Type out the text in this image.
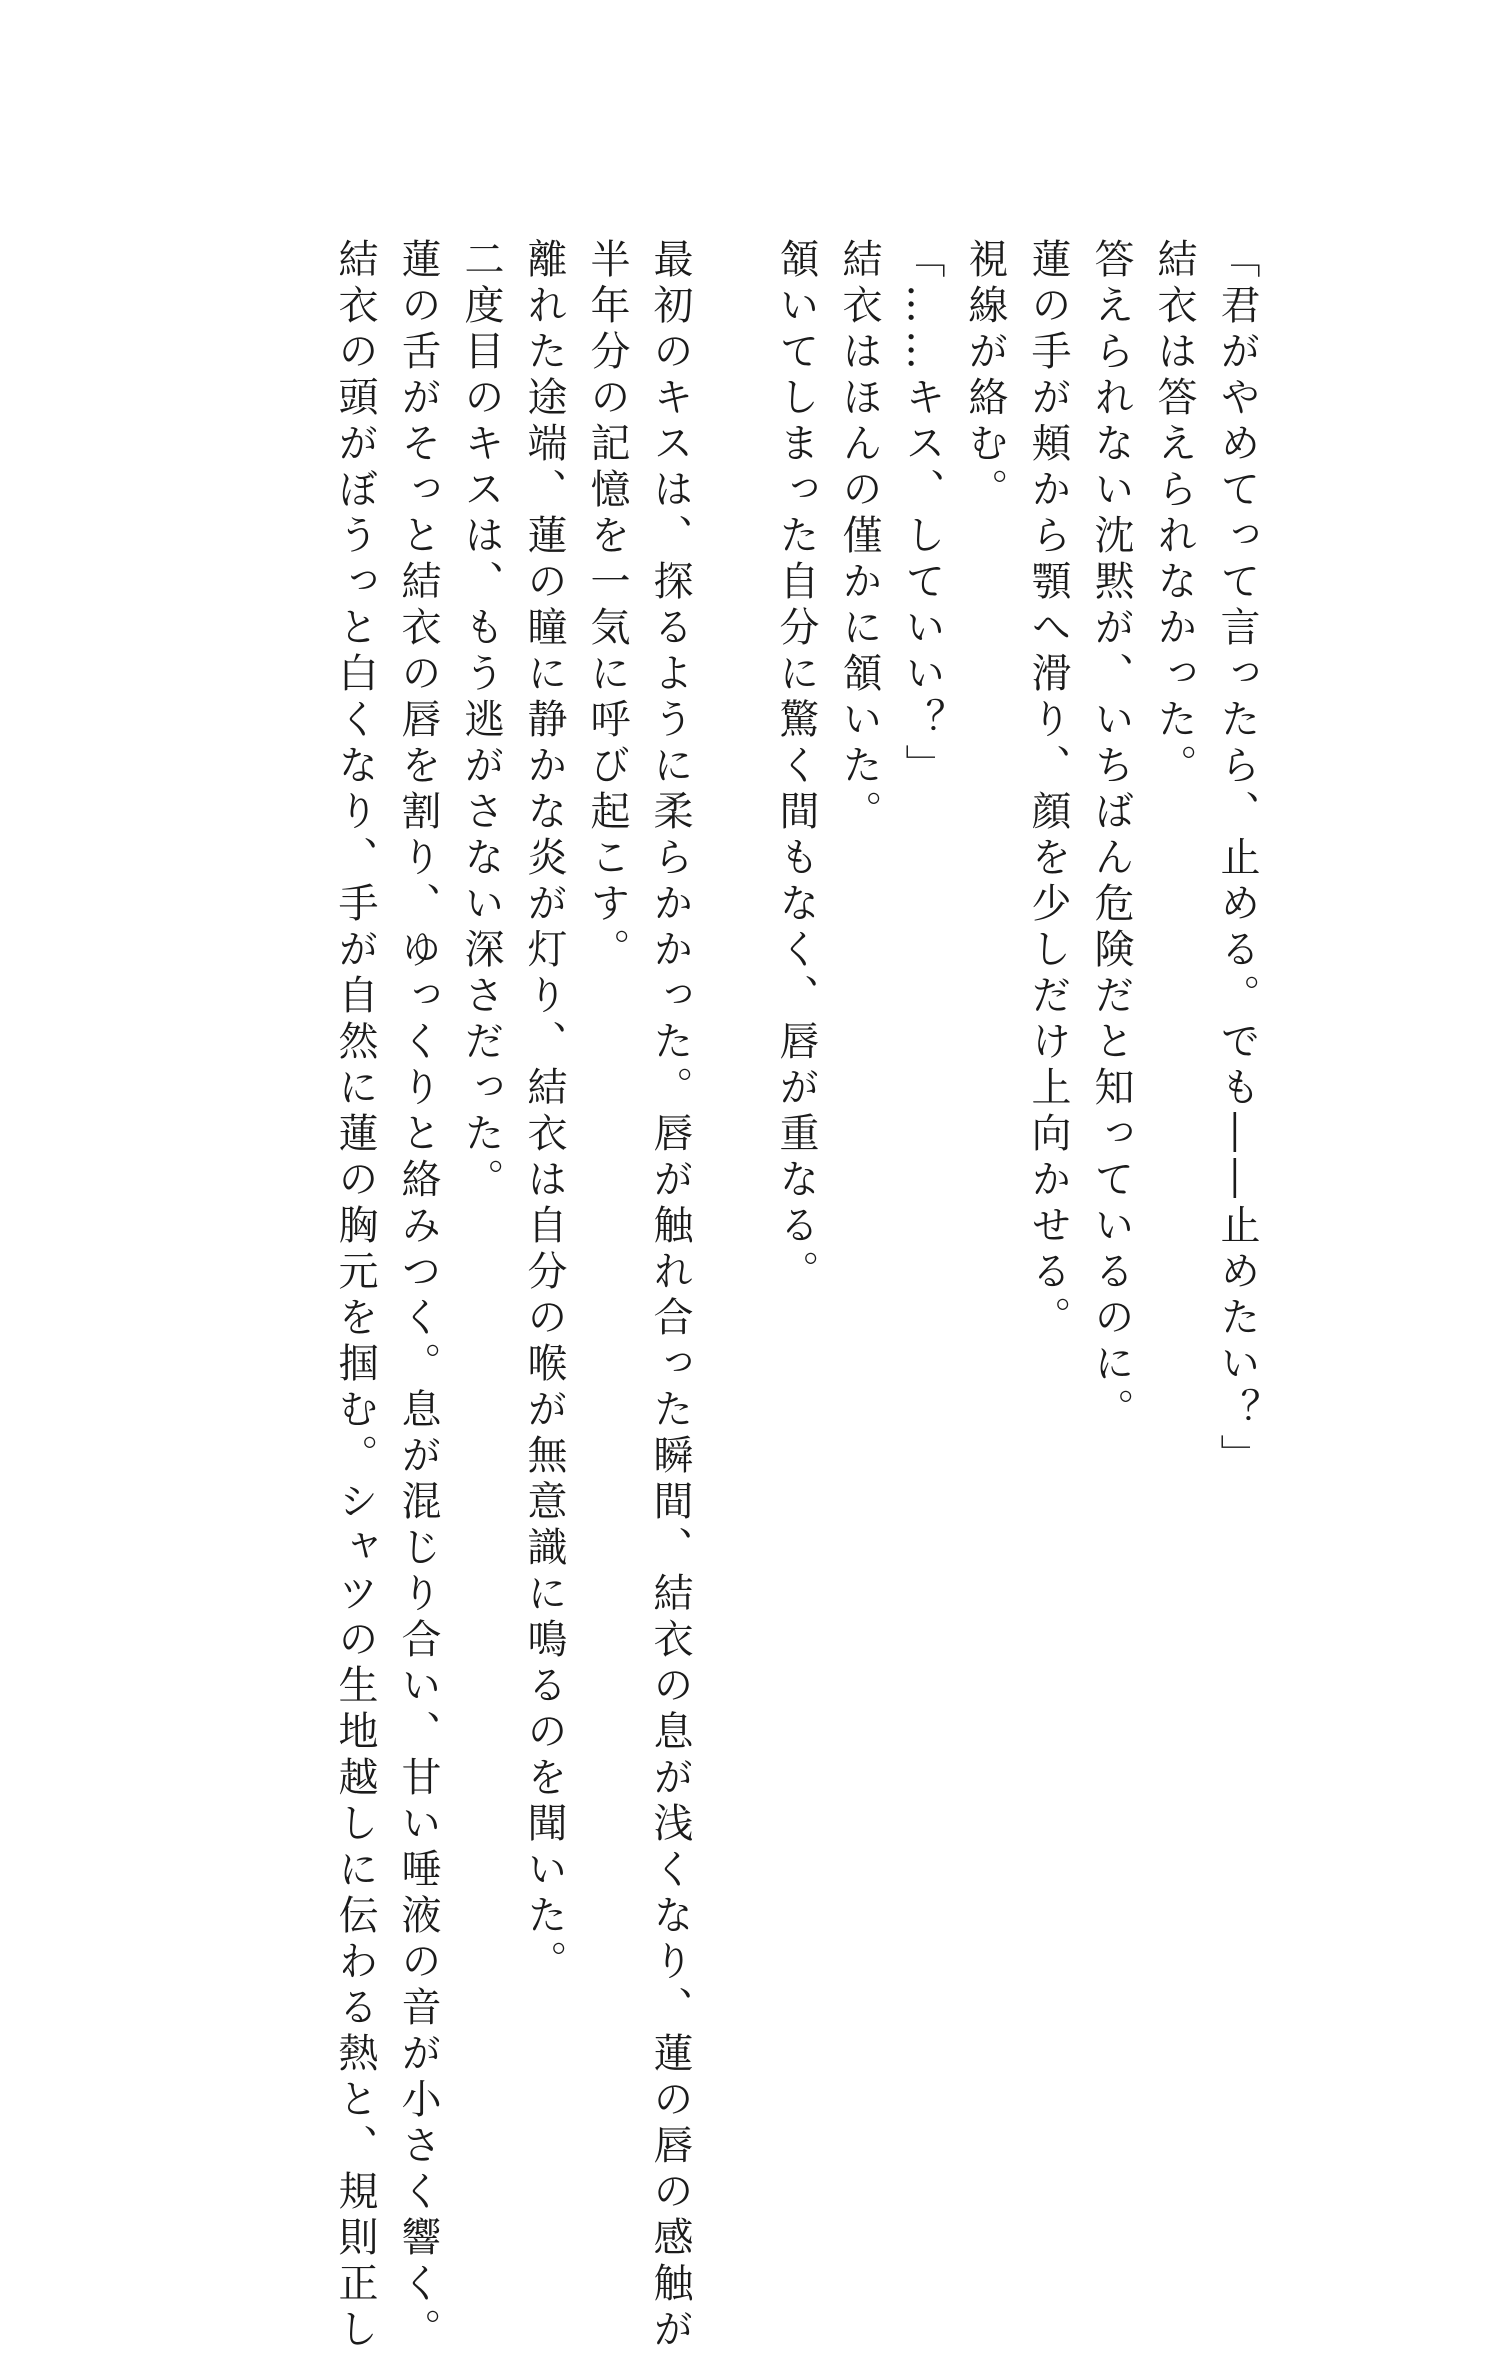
「君がやめてって言ったら、止める。でも――止めたい？」
結衣は答えられなかった。
答えられない沈黙が、いちばん危険だと知っているのに。
蓮の手が頬から顎へ滑り、顔を少しだけ上向かせる。
視線が絡む。
「……キス、していい？」
結衣はほんの僅かに頷いた。
頷いてしまった自分に驚く間もなく、唇が重なる。
最初のキスは、探るように柔らかかった。唇が触れ合った瞬間、結衣の息が浅くなり、蓮の唇の感触が
半年分の記憶を一気に呼び起こす。
離れた途端、蓮の瞳に静かな炎が灯り、結衣は自分の喉が無意識に鳴るのを聞いた。
二度目のキスは、もう逃がさない深さだった。
蓮の舌がそっと結衣の唇を割り、ゆっくりと絡みつく。息が混じり合い、甘い唾液の音が小さく響く。
結衣の頭がぼうっと白くなり、手が自然に蓮の胸元を掴む。シャツの生地越しに伝わる熱と、規則正し
